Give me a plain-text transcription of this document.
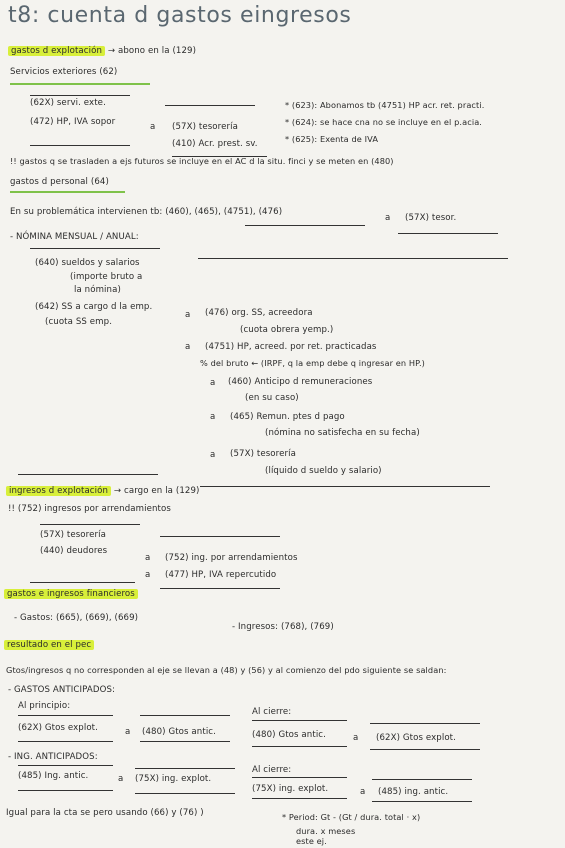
t8: cuenta d gastos eingresos
gastos d explotación → abono en la (129)
Servicios exteriores (62)
(62X) servi. exte.
(472) HP, IVA sopor	a (57X) tesorería
(410) Acr. prest. sv.
* (623): Abonamos tb (4751) HP acr. ret. practi.
* (624): se hace cna no se incluye en el p.acia.
* (625): Exenta de IVA
!! gastos q se trasladen a ejs futuros se incluye en el AC d la situ. finci y se meten en (480)
gastos d personal (64)
En su problemática intervienen tb: (460), (465), (4751), (476)
a (57X) tesor.
- NÓMINA MENSUAL / ANUAL:
(640) sueldos y salarios
(importe bruto a
la nómina)
(642) SS a cargo d la emp.
(cuota SS emp.
a (476) org. SS, acreedora
(cuota obrera yemp.)
a (4751) HP, acreed. por ret. practicadas
% del bruto ← (IRPF, q la emp debe q ingresar en HP.)
a (460) Anticipo d remuneraciones
(en su caso)
a (465) Remun. ptes d pago
(nómina no satisfecha en su fecha)
a (57X) tesorería
(líquido d sueldo y salario)
ingresos d explotación → cargo en la (129)
!! (752) ingresos por arrendamientos
(57X) tesorería
(440) deudores
a (752) ing. por arrendamientos
a (477) HP, IVA repercutido
gastos e ingresos financieros
- Gastos: (665), (669), (669)
- Ingresos: (768), (769)
resultado en el pec
Gtos/ingresos q no corresponden al eje se llevan a (48) y (56) y al comienzo del pdo siguiente se saldan:
- GASTOS ANTICIPADOS:
Al principio:
(62X) Gtos explot.	a (480) Gtos antic.
Al cierre:
(480) Gtos antic.	a (62X) Gtos explot.
- ING. ANTICIPADOS:
(485) Ing. antic.	a (75X) ing. explot.
Al cierre:
(75X) ing. explot.	a (485) ing. antic.
Igual para la cta se pero usando (66) y (76) )	* Period: Gt - (Gt / dura. total · x)
dura. x meses
este ej.
